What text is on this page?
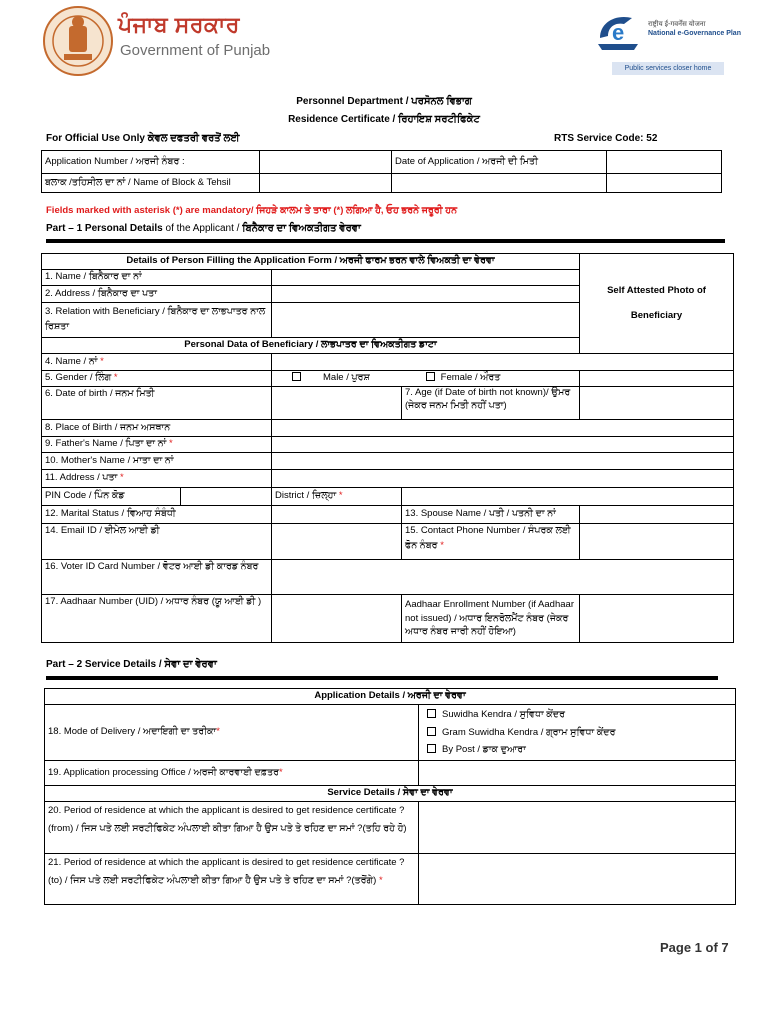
ਪੰਜਾਬ ਸਰਕਾਰ
Government of Punjab
e	राष्ट्रीय ई-गवर्नेंस योजना
National e-Governance Plan
Public services closer home
Personnel Department / ਪਰਸੋਨਲ ਵਿਭਾਗ
Residence Certificate / ਰਿਹਾਇਸ਼ ਸਰਟੀਫਿਕੇਟ
For Official Use Only ਕੇਵਲ ਦਫਤਰੀ ਵਰਤੋਂ ਲਈ	RTS Service Code: 52
Application Number / ਅਰਜੀ ਨੰਬਰ :		Date of Application / ਅਰਜੀ ਦੀ ਮਿਤੀ	
ਬਲਾਕ /ਤਹਿਸੀਲ ਦਾ ਨਾਂ / Name of Block & Tehsil			
Fields marked with asterisk (*) are mandatory/ ਜਿਹੜੇ ਕਾਲਮ ਤੇ ਤਾਰਾ (*) ਲਗਿਆ ਹੈ, ਓਹ ਭਰਨੇ ਜਰੂਰੀ ਹਨ
Part – 1 Personal Details of the Applicant / ਬਿਨੈਕਾਰ ਦਾ ਵਿਅਕਤੀਗਤ ਵੇਰਵਾ
Details of Person Filling the Application Form / ਅਰਜੀ ਫਾਰਮ ਭਰਨ ਵਾਲੇ ਵਿਅਕਤੀ ਦਾ ਵੇਰਵਾ				Self Attested Photo of
Beneficiary

1. Name / ਬਿਨੈਕਾਰ ਦਾ ਨਾਂ				
2. Address / ਬਿਨੈਕਾਰ ਦਾ ਪਤਾ				
3. Relation with Beneficiary / ਬਿਨੈਕਾਰ ਦਾ ਲਾਭਪਾਤਰ ਨਾਲ ਰਿਸ਼ਤਾ				
Personal Data of Beneficiary / ਲਾਭਪਾਤਰ ਦਾ ਵਿਅਕਤੀਗਤ ਡਾਟਾ				
4. Name / ਨਾਂ *				
5. Gender / ਲਿੰਗ *		Male / ਪੁਰਸ਼ Female / ਔਰਤ		
6. Date of birth / ਜਨਮ ਮਿਤੀ			7. Age (if Date of birth not known)/ ਉਮਰ (ਜੇਕਰ ਜਨਮ ਮਿਤੀ ਨਹੀਂ ਪਤਾ)	
8. Place of Birth / ਜਨਮ ਅਸਥਾਨ				
9. Father's Name / ਪਿਤਾ ਦਾ ਨਾਂ *				
10. Mother's Name / ਮਾਤਾ ਦਾ ਨਾਂ				
11. Address / ਪਤਾ *				
PIN Code / ਪਿੰਨ ਕੋਡ		District / ਜ਼ਿਲ੍ਹਾ *		
12. Marital Status / ਵਿਆਹ ਸੰਬੰਧੀ			13. Spouse Name / ਪਤੀ / ਪਤਨੀ ਦਾ ਨਾਂ	
14. Email ID / ਈਮੇਲ ਆਈ ਡੀ			15. Contact Phone Number / ਸੰਪਰਕ ਲਈ ਫੋਨ ਨੰਬਰ *	
16. Voter ID Card Number / ਵੋਟਰ ਆਈ ਡੀ ਕਾਰਡ ਨੰਬਰ				
17. Aadhaar Number (UID) / ਅਧਾਰ ਨੰਬਰ (ਯੂ ਆਈ ਡੀ )			Aadhaar Enrollment Number (if Aadhaar not issued) / ਅਧਾਰ ਇਨਰੋਲਮੈਂਟ ਨੰਬਰ (ਜੇਕਰ ਅਧਾਰ ਨੰਬਰ ਜਾਰੀ ਨਹੀਂ ਹੋਇਆ)	
Part – 2 Service Details / ਸੇਵਾ ਦਾ ਵੇਰਵਾ
Application Details / ਅਰਜੀ ਦਾ ਵੇਰਵਾ	
18. Mode of Delivery / ਅਦਾਇਗੀ ਦਾ ਤਰੀਕਾ*	Suwidha Kendra / ਸੁਵਿਧਾ ਕੇਂਦਰ
Gram Suwidha Kendra / ਗ੍ਰਾਮ ਸੁਵਿਧਾ ਕੇਂਦਰ
By Post / ਡਾਕ ਦੁਆਰਾ

19. Application processing Office / ਅਰਜੀ ਕਾਰਵਾਈ ਦਫ਼ਤਰ*	
Service Details / ਸੇਵਾ ਦਾ ਵੇਰਵਾ	
20. Period of residence at which the applicant is desired to get residence certificate ?(from) / ਜਿਸ ਪਤੇ ਲਈ ਸਰਟੀਫਿਕੇਟ ਅੰਪਲਾਈ ਕੀਤਾ ਗਿਆ ਹੈ ਉਸ ਪਤੇ ਤੇ ਰਹਿਣ ਦਾ ਸਮਾਂ ?(ਤਹਿ ਰਹੇ ਹੋ)	
21. Period of residence at which the applicant is desired to get residence certificate ?(to) / ਜਿਸ ਪਤੇ ਲਈ ਸਰਟੀਫਿਕੇਟ ਅੰਪਲਾਈ ਕੀਤਾ ਗਿਆ ਹੈ ਉਸ ਪਤੇ ਤੇ ਰਹਿਣ ਦਾ ਸਮਾਂ ?(ਤਰੋਂਗੇ) *	
Page 1 of 7
